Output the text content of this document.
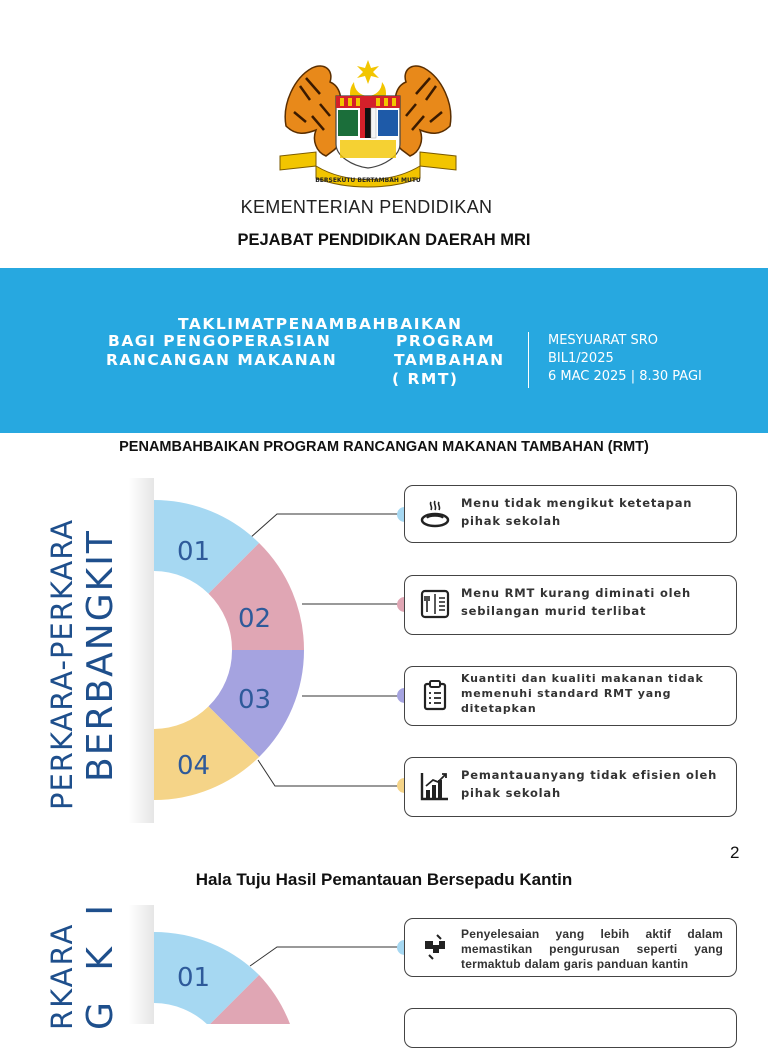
BERSEKUTU BERTAMBAH MUTU
KEMENTERIAN PENDIDIKAN
PEJABAT PENDIDIKAN DAERAH MRI
TAKLIMATPENAMBAHBAIKAN
BAGI PENGOPERASIAN	PROGRAM
RANCANGAN MAKANAN	TAMBAHAN
( RMT)
MESYUARAT SRO
BIL1/2025
6 MAC 2025 | 8.30 PAGI
PENAMBAHBAIKAN PROGRAM RANCANGAN MAKANAN TAMBAHAN (RMT)
PERKARA-PERKARA BERBANGKIT 01
02
03
04
Menu tidak mengikut ketetapan pihak sekolah
Menu RMT kurang diminati oleh sebilangan murid terlibat
Kuantiti dan kualiti makanan tidak memenuhi standard RMT yang ditetapkan
Pemantauanyang tidak efisien oleh pihak sekolah
2
Hala Tuju Hasil Pemantauan Bersepadu Kantin
RKARA G K I 01
Penyelesaian yang lebih aktif dalam memastikan pengurusan seperti yang termaktub dalam garis panduan kantin
